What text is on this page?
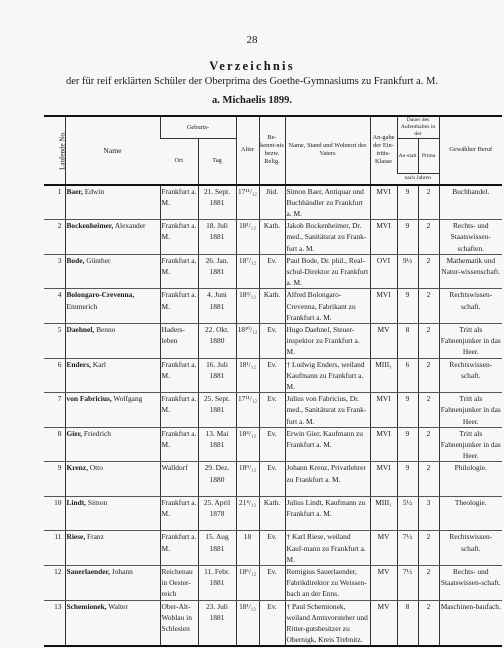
28
Verzeichnis
der für reif erklärten Schüler der Oberprima des Goethe-Gymnasiums zu Frankfurt a. M.
a. Michaelis 1899.
Laufende No.	Name	Geburts-		Alter	Be-kennt-nis bezw. Relig.	Name, Stand und Wohnort des Vaters	An-gabe der Ein-tritts-Klasse	Dauer des Aufenthaltes in der		Gewählter Beruf
		Ort	Tag					An-stalt	Prima	
								nach Jahren		
1	Baer, Edwin	Frankfurt a. M.	21. Sept. 1881	17¹¹/₁₂	Jüd.	Simon Baer, Antiquar und Buchhändler zu Frankfurt a. M.	MVI	9	2	Buchhandel.
2	Bockenheimer, Alexander	Frankfurt a. M.	18. Juli 1881	18¹/₁₂	Kath.	Jakob Bockenheimer, Dr. med., Sanitätsrat zu Frank-furt a. M.	MVI	9	2	Rechts- und Staatswissen-schaften.
3	Bode, Günther	Frankfurt a. M.	26. Jan. 1881	18⁷/₁₂	Ev.	Paul Bode, Dr. phil., Real-schul-Direktor zu Frankfurt a. M.	OVI	9½	2	Mathematik und Natur-wissenschaft.
4	Bolongaro-Crevenna, Emmerich	Frankfurt a. M.	4. Juni 1881	18³/₁₂	Kath.	Alfred Bolongaro-Crevenna, Fabrikant zu Frankfurt a. M.	MVI	9	2	Rechtswissen-schaft.
5	Daehnel, Benno	Haders-leben	22. Okt. 1880	18¹⁰/₁₂	Ev.	Hugo Daehnel, Steuer-inspektor zu Frankfurt a. M.	MV	8	2	Tritt als Fahnenjunker in das Heer.
6	Enders, Karl	Frankfurt a. M.	16. Juli 1881	18¹/₁₂	Ev.	† Ludwig Enders, weiland Kaufmann zu Frankfurt a. M.	MIII₁	6	2	Rechtswissen-schaft.
7	von Fabricius, Wolfgang	Frankfurt a. M.	25. Sept. 1881	17¹¹/₁₂	Ev.	Julius von Fabricius, Dr. med., Sanitätsrat zu Frank-furt a. M.	MVI	9	2	Tritt als Fahnenjunker in das Heer.
8	Gier, Friedrich	Frankfurt a. M.	13. Mai 1881	18⁴/₁₂	Ev.	Erwin Gier, Kaufmann zu Frankfurt a. M.	MVI	9	2	Tritt als Fahnenjunker in das Heer.
9	Krenz, Otto	Walldorf	29. Dez. 1880	18⁹/₁₂	Ev.	Johann Krenz, Privatlehrer zu Frankfurt a. M.	MVI	9	2	Philologie.
10	Lindt, Simon	Frankfurt a. M.	25. April 1878	21⁴/₁₂	Kath.	Julius Lindt, Kaufmann zu Frankfurt a. M.	MIII₁	5½	3	Theologie.
11	Riese, Franz	Frankfurt a. M.	15. Aug 1881	18	Ev.	† Karl Riese, weiland Kauf-mann zu Frankfurt a. M.	MV	7½	2	Rechtswissen-schaft.
12	Sauerlaender, Johann	Reichenau in Oester-reich	11. Febr. 1881	18⁶/₁₂	Ev.	Remigius Sauerlaender, Fabrikdirektor zu Weissen-bach an der Enns.	MV	7½	2	Rechts- und Staatswissen-schaft.
13	Schemionek, Walter	Ober-Alt-Woblau in Schlesien	23. Juli 1881	18¹/₁₂	Ev.	† Paul Schemionek, weiland Amtsvorsteher und Ritter-gutsbesitzer zu Obernigk, Kreis Trebnitz.	MV	8	2	Maschinen-baufach.
